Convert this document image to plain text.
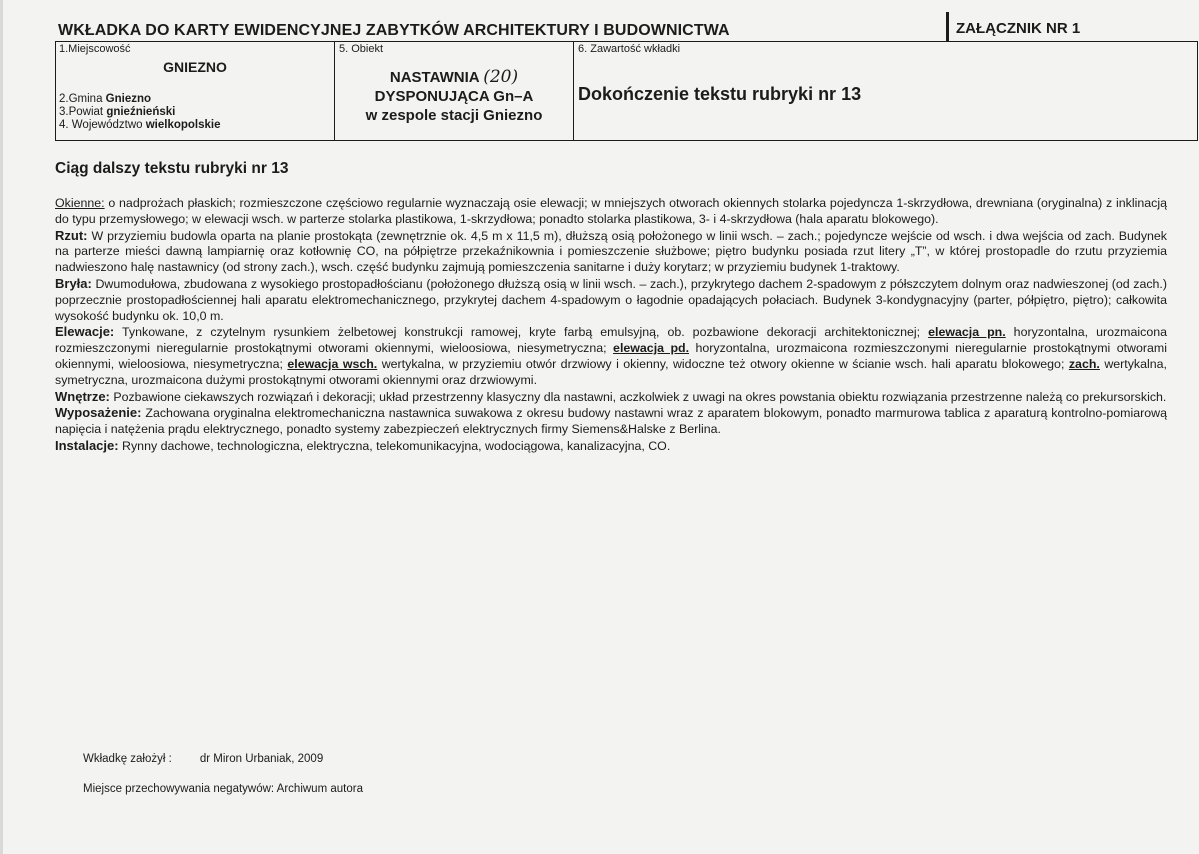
WKŁADKA DO KARTY EWIDENCYJNEJ ZABYTKÓW ARCHITEKTURY I BUDOWNICTWA	ZAŁĄCZNIK NR 1
1.Miejscowość
GNIEZNO
2.Gmina Gniezno
3.Powiat gnieźnieński
4. Województwo wielkopolskie

5. Obiekt
NASTAWNIA (20)
DYSPONUJĄCA Gn–A
w zespole stacji Gniezno

6. Zawartość wkładki
Dokończenie tekstu rubryki nr 13
Ciąg dalszy tekstu rubryki nr 13

Okienne: o nadprożach płaskich; rozmieszczone częściowo regularnie wyznaczają osie elewacji; w mniejszych otworach okiennych stolarka pojedyncza 1-skrzydłowa, drewniana (oryginalna) z inklinacją do typu przemysłowego; w elewacji wsch. w parterze stolarka plastikowa, 1-skrzydłowa; ponadto stolarka plastikowa, 3- i 4-skrzydłowa (hala aparatu blokowego).

Rzut: W przyziemiu budowla oparta na planie prostokąta (zewnętrznie ok. 4,5 m x 11,5 m), dłuższą osią położonego w linii wsch. – zach.; pojedyncze wejście od wsch. i dwa wejścia od zach. Budynek na parterze mieści dawną lampiarnię oraz kotłownię CO, na półpiętrze przekaźnikownia i pomieszczenie służbowe; piętro budynku posiada rzut litery „T”, w której prostopadle do rzutu przyziemia nadwieszono halę nastawnicy (od strony zach.), wsch. część budynku zajmują pomieszczenia sanitarne i duży korytarz; w przyziemiu budynek 1-traktowy.

Bryła: Dwumodułowa, zbudowana z wysokiego prostopadłościanu (położonego dłuższą osią w linii wsch. – zach.), przykrytego dachem 2-spadowym z półszczytem dolnym oraz nadwieszonej (od zach.) poprzecznie prostopadłościennej hali aparatu elektromechanicznego, przykrytej dachem 4-spadowym o łagodnie opadających połaciach. Budynek 3-kondygnacyjny (parter, półpiętro, piętro); całkowita wysokość budynku ok. 10,0 m.

Elewacje: Tynkowane, z czytelnym rysunkiem żelbetowej konstrukcji ramowej, kryte farbą emulsyjną, ob. pozbawione dekoracji architektonicznej; elewacja pn. horyzontalna, urozmaicona rozmieszczonymi nieregularnie prostokątnymi otworami okiennymi, wieloosiowa, niesymetryczna; elewacja pd. horyzontalna, urozmaicona rozmieszczonymi nieregularnie prostokątnymi otworami okiennymi, wieloosiowa, niesymetryczna; elewacja wsch. wertykalna, w przyziemiu otwór drzwiowy i okienny, widoczne też otwory okienne w ścianie wsch. hali aparatu blokowego; zach. wertykalna, symetryczna, urozmaicona dużymi prostokątnymi otworami okiennymi oraz drzwiowymi.

Wnętrze: Pozbawione ciekawszych rozwiązań i dekoracji; układ przestrzenny klasyczny dla nastawni, aczkolwiek z uwagi na okres powstania obiektu rozwiązania przestrzenne należą co prekursorskich.

Wyposażenie: Zachowana oryginalna elektromechaniczna nastawnica suwakowa z okresu budowy nastawni wraz z aparatem blokowym, ponadto marmurowa tablica z aparaturą kontrolno-pomiarową napięcia i natężenia prądu elektrycznego, ponadto systemy zabezpieczeń elektrycznych firmy Siemens&Halske z Berlina.

Instalacje: Rynny dachowe, technologiczna, elektryczna, telekomunikacyjna, wodociągowa, kanalizacyjna, CO.

Wkładkę założył : dr Miron Urbaniak, 2009
Miejsce przechowywania negatywów: Archiwum autora
